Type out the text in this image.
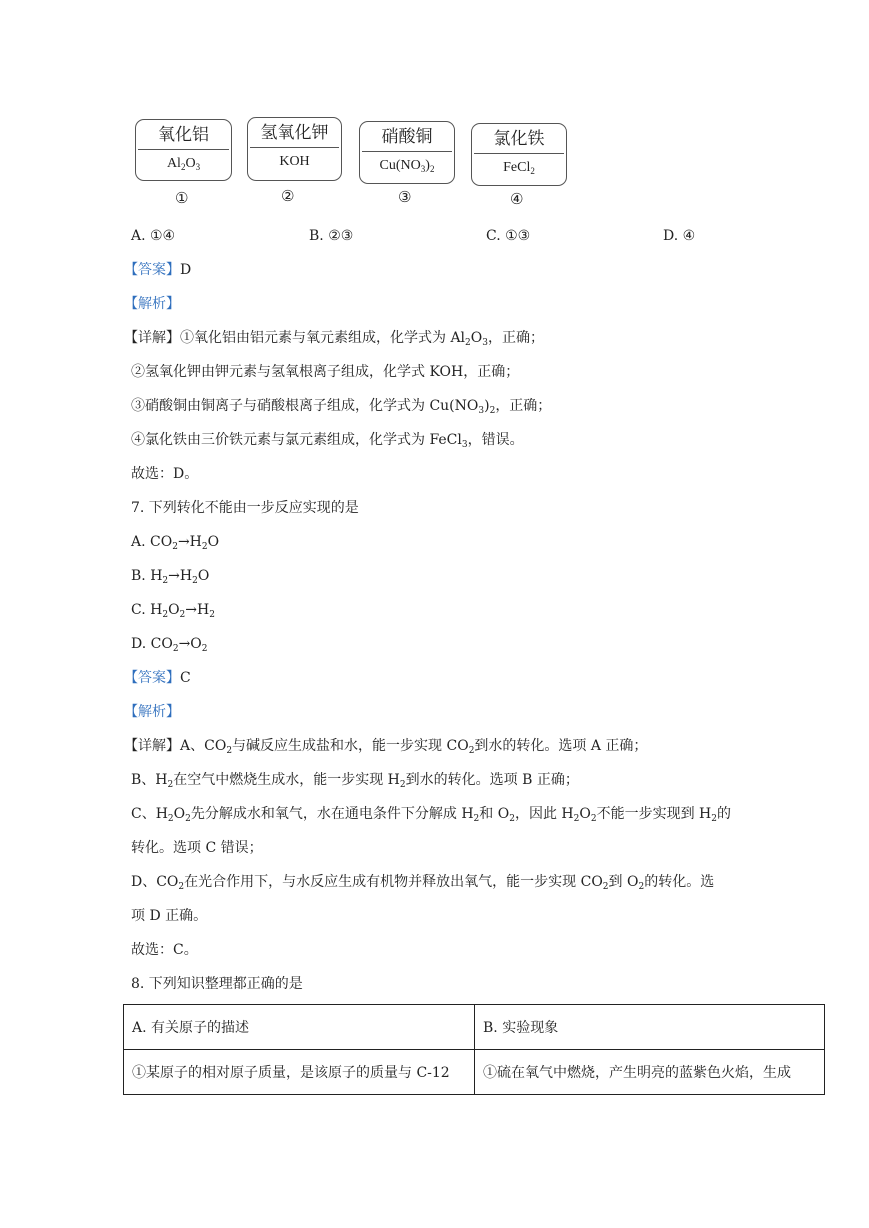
氧化铝
$Al_2O_3$
①
氢氧化钾
KOH
②
硝酸铜
$Cu(NO_3)_2$
③
氯化铁
FeCl$_2$
④
A. ①④	B. ②③	C. ①③	D. ④
【答案】D
【解析】
【详解】①氧化铝由铝元素与氧元素组成，化学式为 $Al_2O_3$，正确；
②氢氧化钾由钾元素与氢氧根离子组成，化学式 KOH，正确；
③硝酸铜由铜离子与硝酸根离子组成，化学式为 $Cu(NO_3)_2$，正确；
④氯化铁由三价铁元素与氯元素组成，化学式为 FeCl$_3$，错误。
故选：D。
7. 下列转化不能由一步反应实现的是
A. $CO_2\to H_2O$
B. $H_2\to H_2O$
C. $H_2O_2\to H_2$
D. $CO_2\to O_2$
【答案】C
【解析】
【详解】A、$CO_2$与碱反应生成盐和水，能一步实现 $CO_2$到水的转化。选项 A 正确；
B、$H_2$在空气中燃烧生成水，能一步实现 $H_2$到水的转化。选项 B 正确；
C、$H_2O_2$先分解成水和氧气，水在通电条件下分解成 $H_2$和 $O_2$，因此 $H_2O_2$不能一步实现到 $H_2$的
转化。选项 C 错误；
D、$CO_2$在光合作用下，与水反应生成有机物并释放出氧气，能一步实现 $CO_2$到 $O_2$的转化。选
项 D 正确。
故选：C。
8. 下列知识整理都正确的是
A. 有关原子的描述	B. 实验现象
①某原子的相对原子质量，是该原子的质量与 C-12	①硫在氧气中燃烧，产生明亮的蓝紫色火焰，生成
